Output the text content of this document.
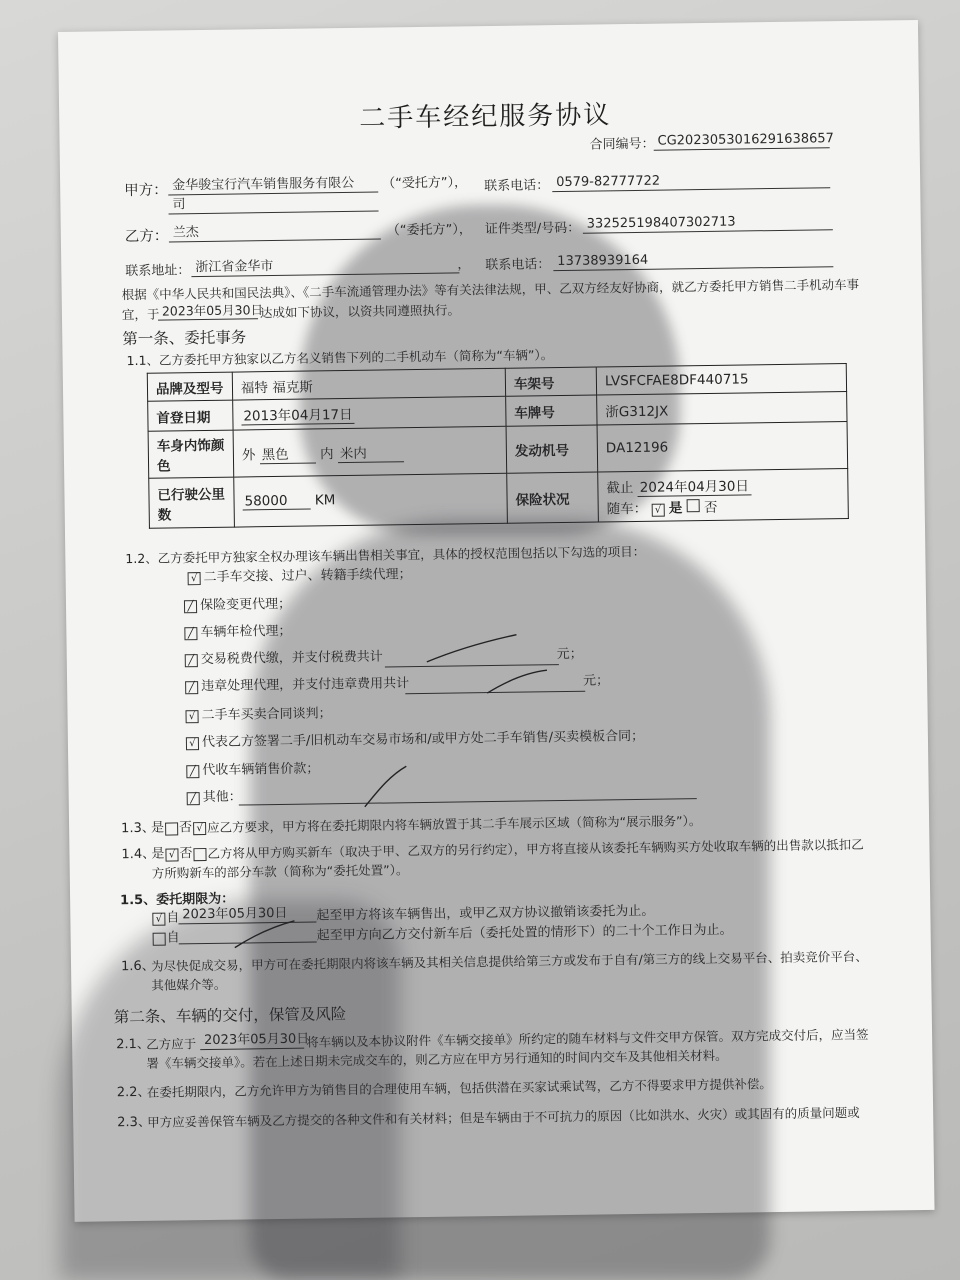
二手车经纪服务协议
合同编号： CG2023053016291638657
甲方： 金华骏宝行汽车销售服务有限公
司
（“受托方”）， 联系电话： 0579-82777722
乙方： 兰杰	（“委托方”）， 证件类型/号码： 332525198407302713
联系地址： 浙江省金华市	， 联系电话： 13738939164
根据《中华人民共和国民法典》、《二手车流通管理办法》等有关法律法规，甲、乙双方经友好协商，就乙方委托甲方销售二手机动车事
宜，于 2023年05月30日
达成如下协议，以资共同遵照执行。
第一条、委托事务
1.1、乙方委托甲方独家以乙方名义销售下列的二手机动车（简称为“车辆”）。
品牌及型号	福特 福克斯	车架号	LVSFCFAE8DF440715
首登日期	2013年04月17日	车牌号	浙G312JX
车身内饰颜色	外 黑色 内 米内	发动机号	DA12196
已行驶公里数	58000 KM	保险状况	截止 2024年04月30日
随车： √ 是 否
1.2、乙方委托甲方独家全权办理该车辆出售相关事宜，具体的授权范围包括以下勾选的项目：
√ 二手车交接、过户、转籍手续代理；
╱ 保险变更代理；
╱ 车辆年检代理；
╱ 交易税费代缴，并支付税费共计	元；
╱ 违章处理代理，并支付违章费用共计	元；
√ 二手车买卖合同谈判；
√ 代表乙方签署二手/旧机动车交易市场和/或甲方处二手车销售/买卖模板合同；
╱ 代收车辆销售价款；
╱ 其他：
1.3、
是 否 √ 应乙方要求，甲方将在委托期限内将车辆放置于其二手车展示区域（简称为“展示服务”）。
1.4、
是 √ 否 乙方将从甲方购买新车（取决于甲、乙双方的另行约定），甲方将直接从该委托车辆购买方处收取车辆的出售款以抵扣乙
方所购新车的部分车款（简称为“委托处置”）。
1.5、委托期限为：
√ 自 2023年05月30日	起至甲方将该车辆售出，或甲乙双方协议撤销该委托为止。
自	起至甲方向乙方交付新车后（委托处置的情形下）的二十个工作日为止。
1.6、
为尽快促成交易，甲方可在委托期限内将该车辆及其相关信息提供给第三方或发布于自有/第三方的线上交易平台、拍卖竞价平台、
其他媒介等。
第二条、车辆的交付，保管及风险
2.1、
乙方应于 2023年05月30日
将车辆以及本协议附件《车辆交接单》所约定的随车材料与文件交甲方保管。双方完成交付后，应当签
署《车辆交接单》。若在上述日期未完成交车的，则乙方应在甲方另行通知的时间内交车及其他相关材料。
2.2、
在委托期限内，乙方允许甲方为销售目的合理使用车辆，包括供潜在买家试乘试驾，乙方不得要求甲方提供补偿。
2.3、
甲方应妥善保管车辆及乙方提交的各种文件和有关材料；但是车辆由于不可抗力的原因（比如洪水、火灾）或其固有的质量问题或
